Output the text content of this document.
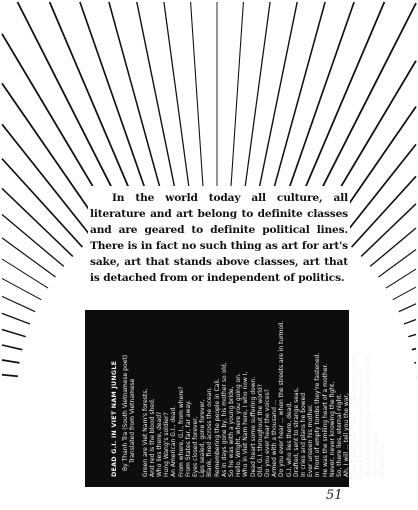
In the world today all culture, all literature and art belong to definite classes and are geared to definite political lines. There is in fact no such thing as art for art's sake, art that stands above classes, art that is detached from or independent of politics.

DEAD G.I. IN VIET NAM JUNGLE By Thanh Tra (South Vietnamese poet) Translated from Vietnamese Green are Viet Nam's forests, And red is the blood shed. Who lies there, dead? Hung Wang's soldier? An American G.I., dead. From where, G.I., from where? From States far, far away. Eyes closed forever, Lips sealed, gone forever, Blank, fixed across the ocean. Remembering the people in Cali. As in days gone by, his mother so old, So he was with a young bride, Hello, Wright, where you going on. Who in Viet Nam here, I who now I, Dead heart some suffering down. Old, G.I. throughout the world? Do you ever hear the voices? Armed with a thousand ... Do you ever hear ... when the streets are in turmoil. G.I. who lies there, dead, Drafted, sent to strange seas, In cries and plans he bowed Ever unseen his mother. In front of empty tombs they're fastened. He was the smiling heart of a mother. Never, never knowing the fight, So, there lies, eternal night. Ah, I will ... tell you the war, How I saw, how many of America's youth, Came from the shores of their own, And see the land, that is not in Viet Nam, But in America. In America.
51
